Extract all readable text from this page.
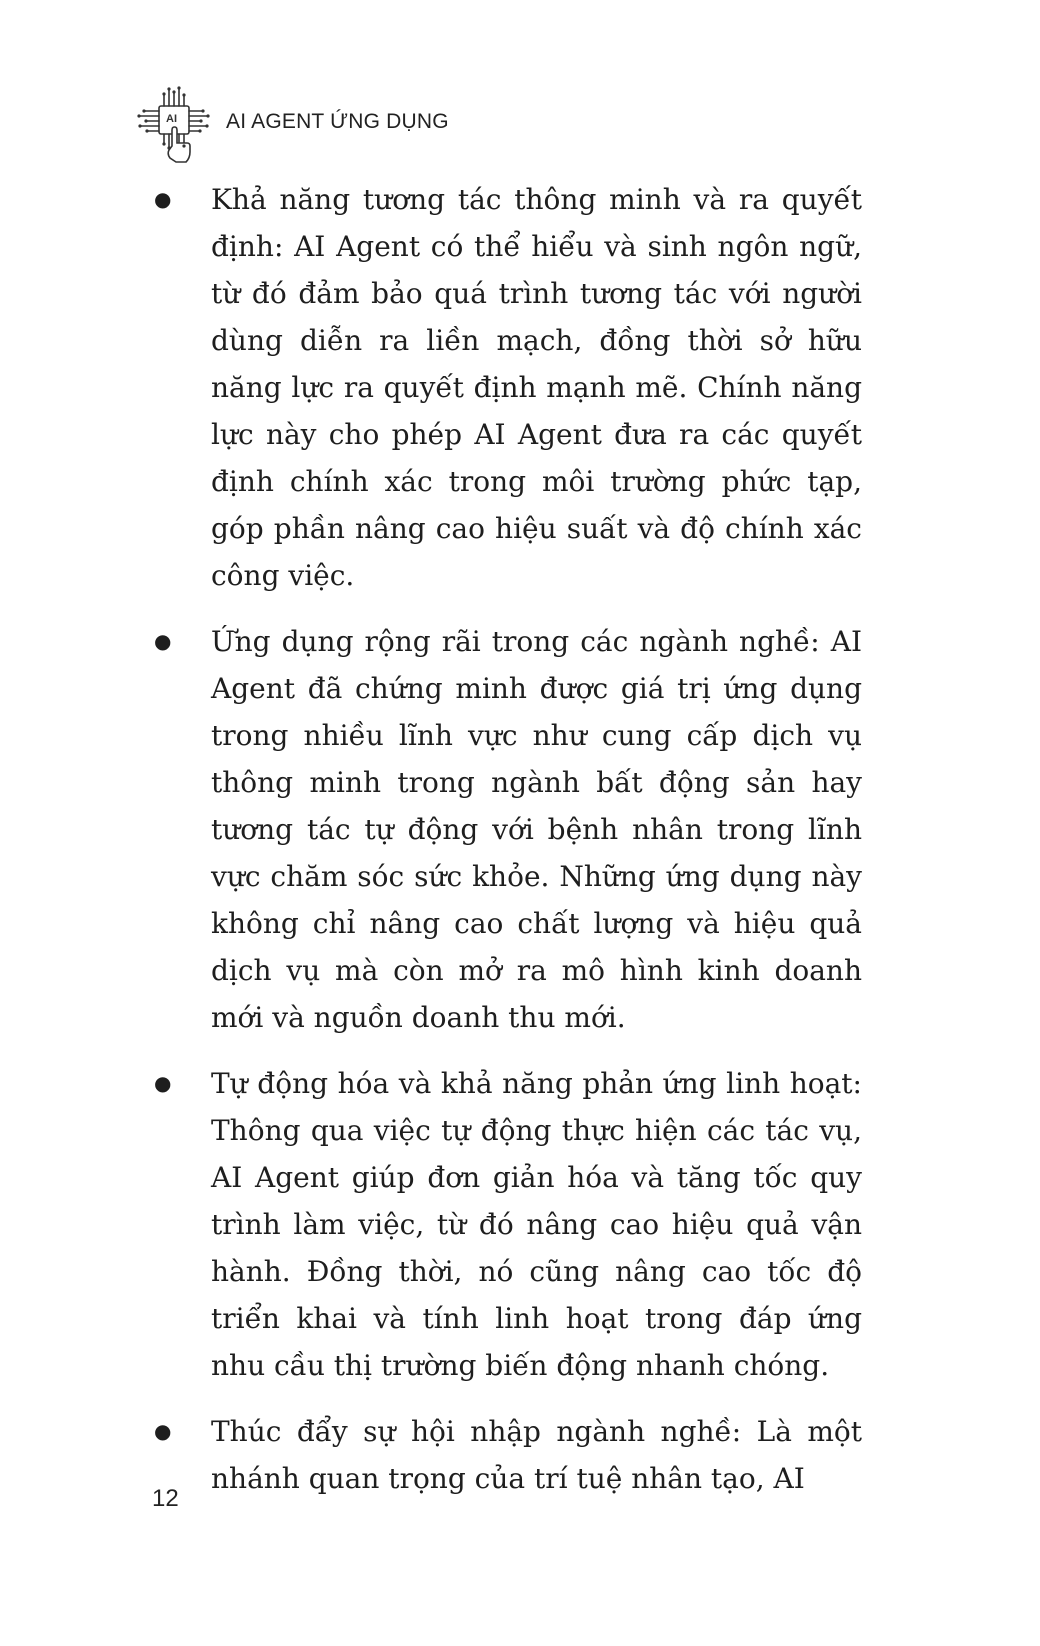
AI AI AGENT ỨNG DỤNG
● Khả năng tương tác thông minh và ra quyết định: AI Agent có thể hiểu và sinh ngôn ngữ, từ đó đảm bảo quá trình tương tác với người dùng diễn ra liền mạch, đồng thời sở hữu năng lực ra quyết định mạnh mẽ. Chính năng lực này cho phép AI Agent đưa ra các quyết định chính xác trong môi trường phức tạp, góp phần nâng cao hiệu suất và độ chính xác công việc.
● Ứng dụng rộng rãi trong các ngành nghề: AI Agent đã chứng minh được giá trị ứng dụng trong nhiều lĩnh vực như cung cấp dịch vụ thông minh trong ngành bất động sản hay tương tác tự động với bệnh nhân trong lĩnh vực chăm sóc sức khỏe. Những ứng dụng này không chỉ nâng cao chất lượng và hiệu quả dịch vụ mà còn mở ra mô hình kinh doanh mới và nguồn doanh thu mới.
● Tự động hóa và khả năng phản ứng linh hoạt: Thông qua việc tự động thực hiện các tác vụ, AI Agent giúp đơn giản hóa và tăng tốc quy trình làm việc, từ đó nâng cao hiệu quả vận hành. Đồng thời, nó cũng nâng cao tốc độ triển khai và tính linh hoạt trong đáp ứng nhu cầu thị trường biến động nhanh chóng.
● Thúc đẩy sự hội nhập ngành nghề: Là một nhánh quan trọng của trí tuệ nhân tạo, AI
12
